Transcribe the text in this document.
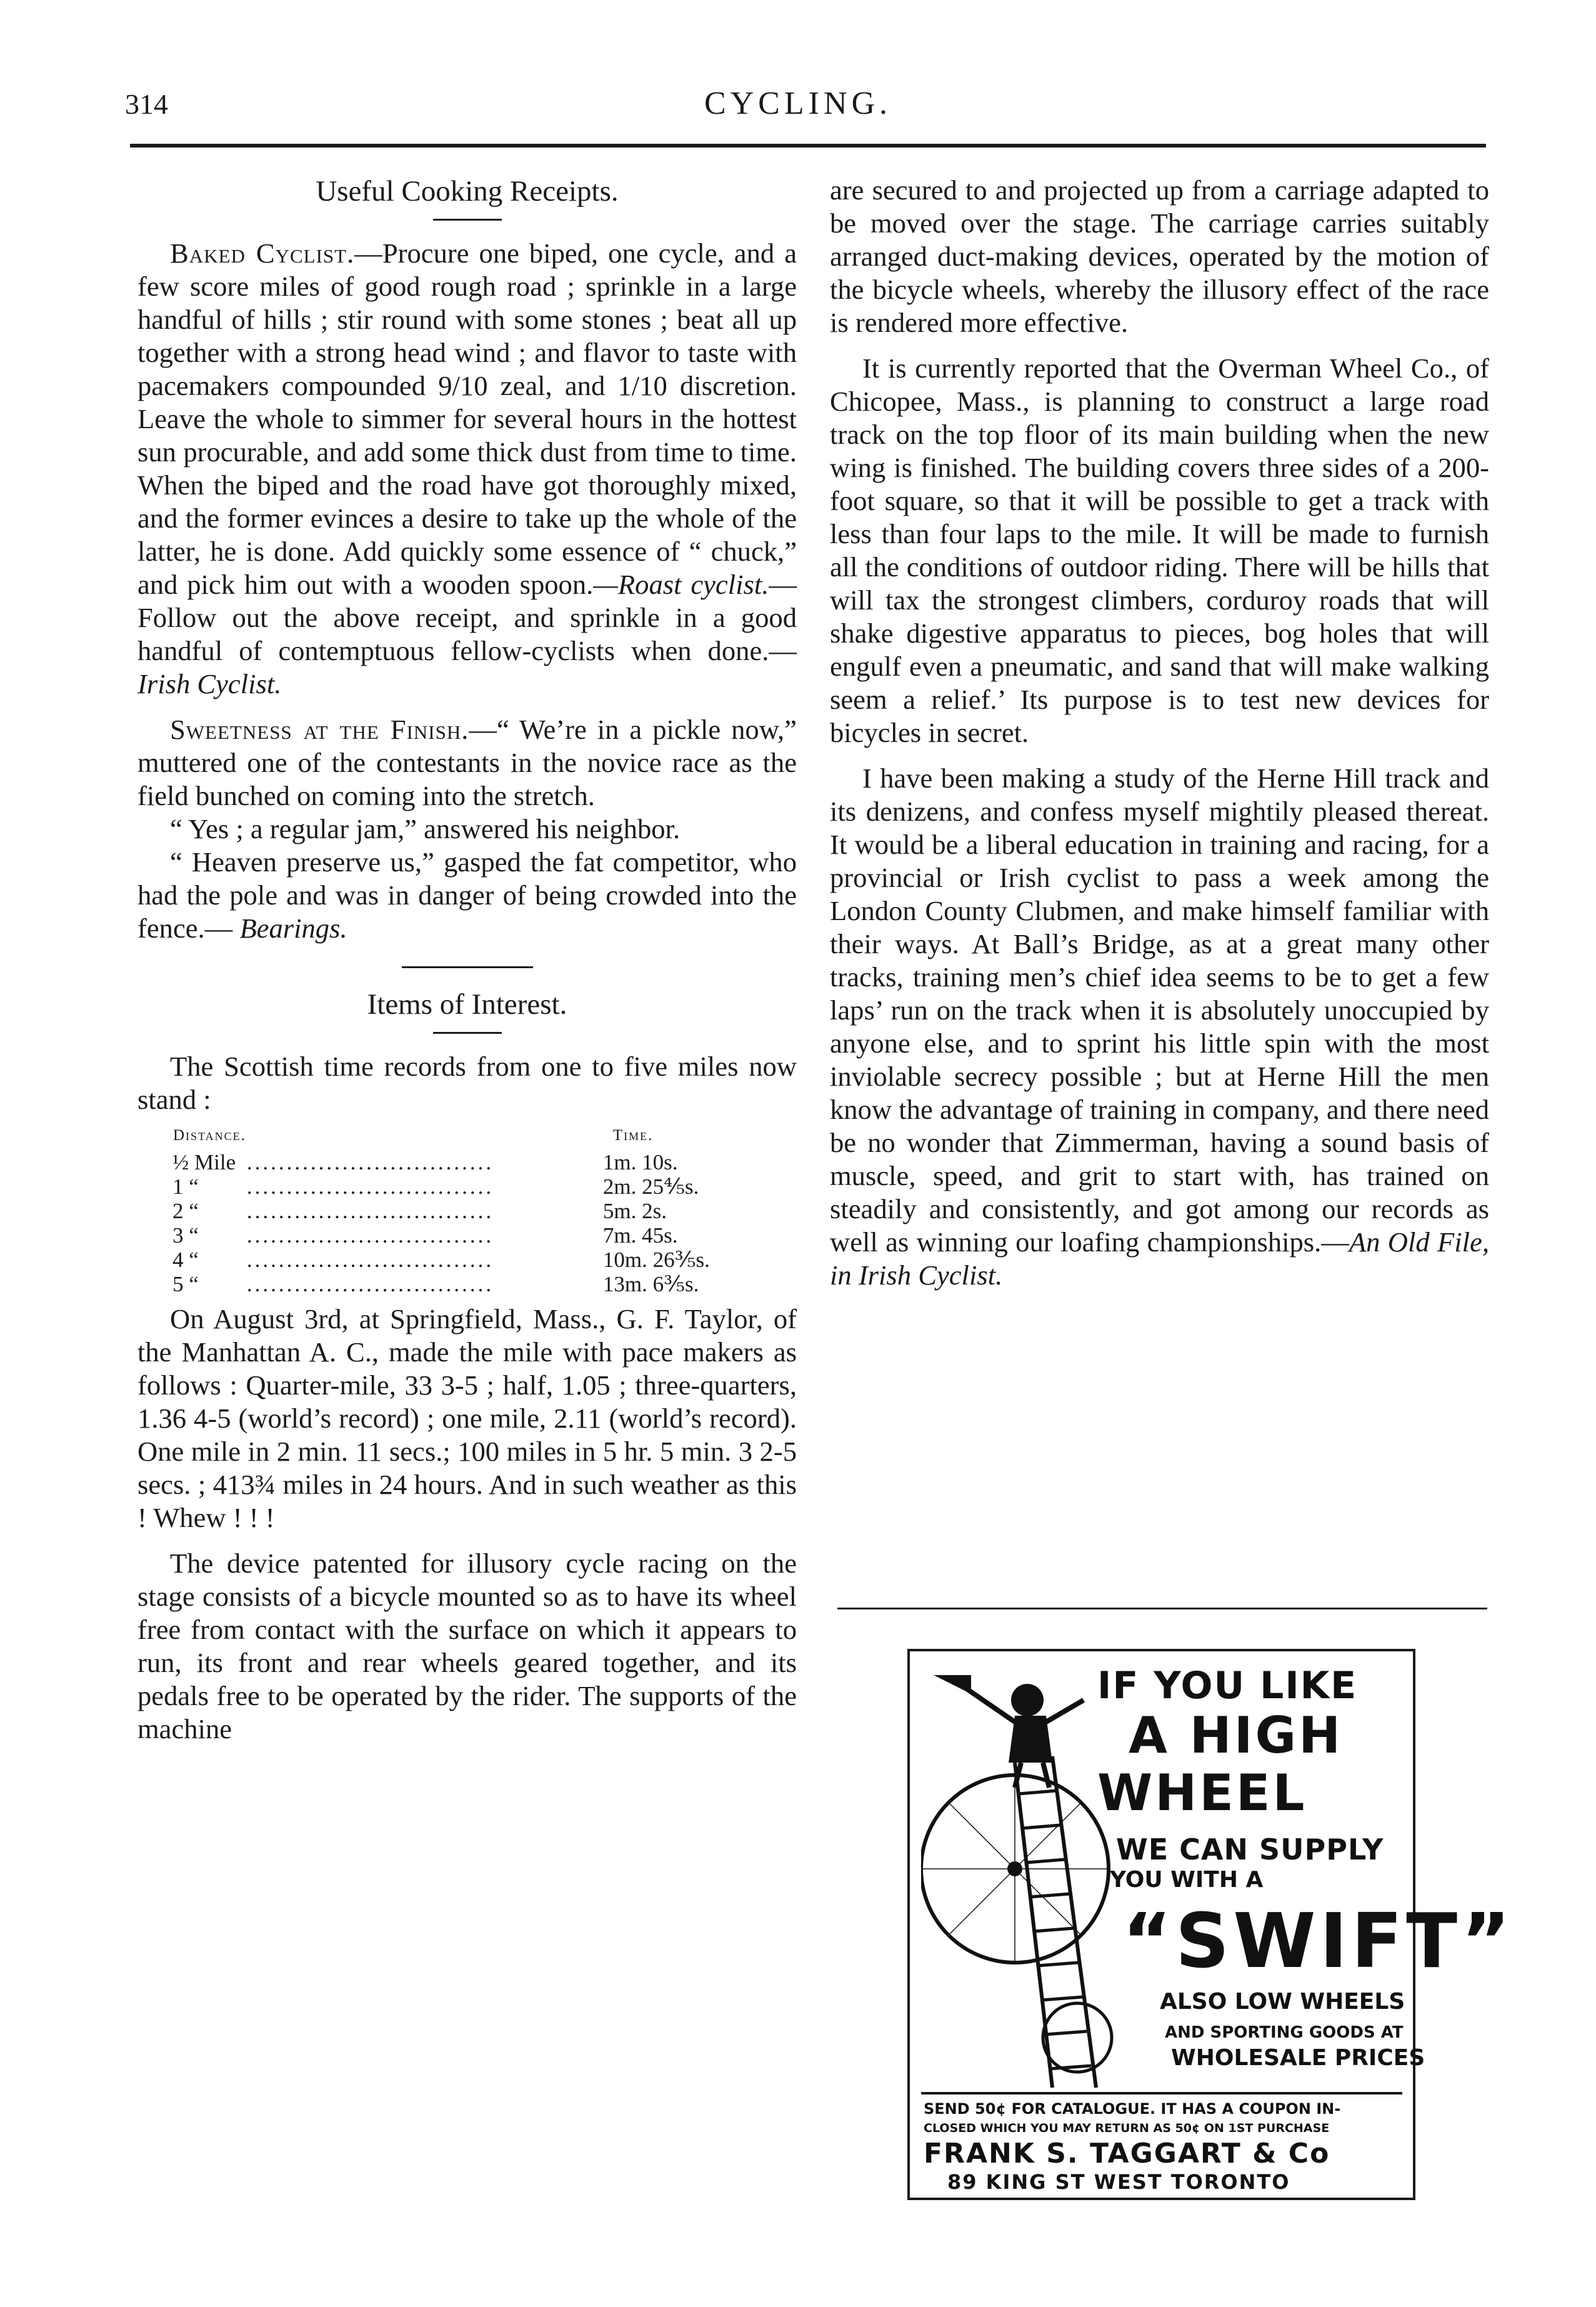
314	CYCLING.
Useful Cooking Receipts.

Baked Cyclist.—Procure one biped, one cycle, and a few score miles of good rough road ; sprinkle in a large handful of hills ; stir round with some stones ; beat all up together with a strong head wind ; and flavor to taste with pacemakers compounded 9/10 zeal, and 1/10 discretion. Leave the whole to simmer for several hours in the hottest sun procurable, and add some thick dust from time to time. When the biped and the road have got thoroughly mixed, and the former evinces a desire to take up the whole of the latter, he is done. Add quickly some essence of “ chuck,” and pick him out with a wooden spoon.—Roast cyclist.—Follow out the above receipt, and sprinkle in a good handful of contemptuous fellow-cyclists when done.— Irish Cyclist.

Sweetness at the Finish.—“ We’re in a pickle now,” muttered one of the contestants in the novice race as the field bunched on coming into the stretch.

“ Yes ; a regular jam,” answered his neighbor.

“ Heaven preserve us,” gasped the fat competitor, who had the pole and was in danger of being crowded into the fence.— Bearings.

Items of Interest.

The Scottish time records from one to five miles now stand :

Distance.		Time.
½ Mile	...............................	1m. 10s.
1 “	...............................	2m. 25⅘s.
2 “	...............................	5m. 2s.
3 “	...............................	7m. 45s.
4 “	...............................	10m. 26⅗s.
5 “	...............................	13m. 6⅗s.

On August 3rd, at Springfield, Mass., G. F. Taylor, of the Manhattan A. C., made the mile with pace makers as follows : Quarter-mile, 33 3-5 ; half, 1.05 ; three-quarters, 1.36 4-5 (world’s record) ; one mile, 2.11 (world’s record). One mile in 2 min. 11 secs.; 100 miles in 5 hr. 5 min. 3 2-5 secs. ; 413¾ miles in 24 hours. And in such weather as this ! Whew ! ! !

The device patented for illusory cycle racing on the stage consists of a bicycle mounted so as to have its wheel free from contact with the surface on which it appears to run, its front and rear wheels geared together, and its pedals free to be operated by the rider. The supports of the machine

are secured to and projected up from a carriage adapted to be moved over the stage. The carriage carries suitably arranged duct-making devices, operated by the motion of the bicycle wheels, whereby the illusory effect of the race is rendered more effective.

It is currently reported that the Overman Wheel Co., of Chicopee, Mass., is planning to construct a large road track on the top floor of its main building when the new wing is finished. The building covers three sides of a 200-foot square, so that it will be possible to get a track with less than four laps to the mile. It will be made to furnish all the conditions of outdoor riding. There will be hills that will tax the strongest climbers, corduroy roads that will shake digestive apparatus to pieces, bog holes that will engulf even a pneumatic, and sand that will make walking seem a relief.’ Its purpose is to test new devices for bicycles in secret.

I have been making a study of the Herne Hill track and its denizens, and confess myself mightily pleased thereat. It would be a liberal education in training and racing, for a provincial or Irish cyclist to pass a week among the London County Clubmen, and make himself familiar with their ways. At Ball’s Bridge, as at a great many other tracks, training men’s chief idea seems to be to get a few laps’ run on the track when it is absolutely unoccupied by anyone else, and to sprint his little spin with the most inviolable secrecy possible ; but at Herne Hill the men know the advantage of training in company, and there need be no wonder that Zimmerman, having a sound basis of muscle, speed, and grit to start with, has trained on steadily and consistently, and got among our records as well as winning our loafing championships.—An Old File, in Irish Cyclist.

IF YOU LIKE
A HIGH
WHEEL
WE CAN SUPPLY
YOU WITH A
“SWIFT”
ALSO LOW WHEELS
AND SPORTING GOODS AT
WHOLESALE PRICES
SEND 50¢ FOR CATALOGUE. IT HAS A COUPON IN-
CLOSED WHICH YOU MAY RETURN AS 50¢ ON 1ST PURCHASE
FRANK S. TAGGART & Co
89 KING ST WEST TORONTO
